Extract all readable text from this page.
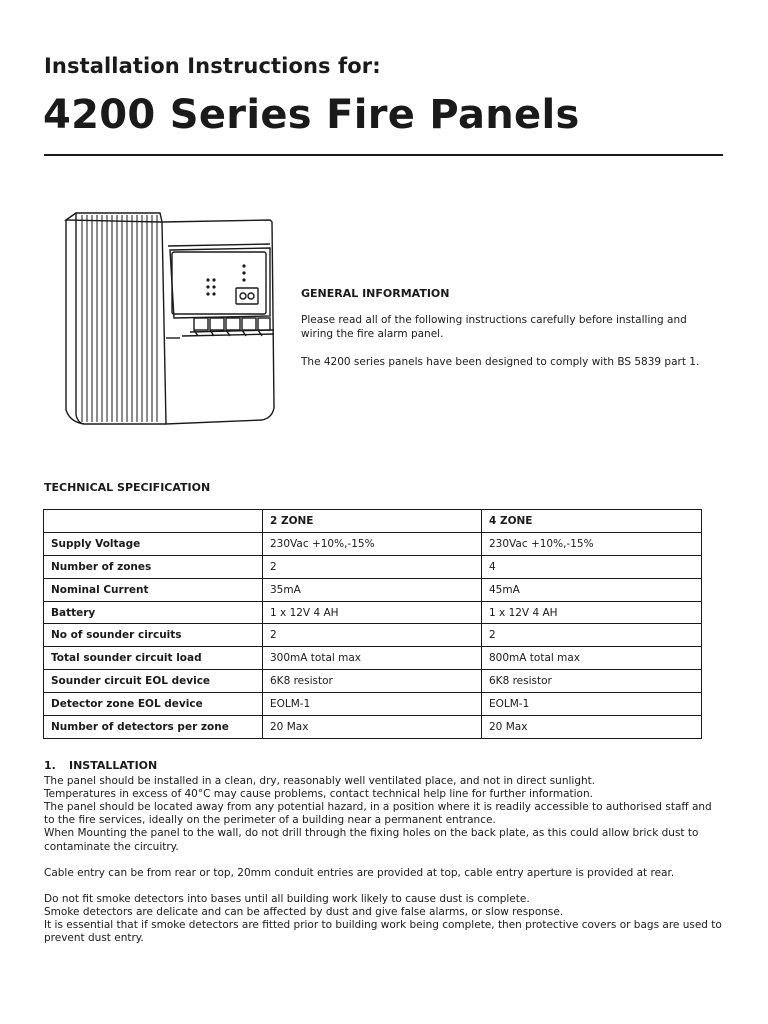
Installation Instructions for:
4200 Series Fire Panels
GENERAL INFORMATION

Please read all of the following instructions carefully before installing and wiring the fire alarm panel.

The 4200 series panels have been designed to comply with BS 5839 part 1.

TECHNICAL SPECIFICATION
	2 ZONE	4 ZONE
Supply Voltage	230Vac +10%,-15%	230Vac +10%,-15%
Number of zones	2	4
Nominal Current	35mA	45mA
Battery	1 x 12V 4 AH	1 x 12V 4 AH
No of sounder circuits	2	2
Total sounder circuit load	300mA total max	800mA total max
Sounder circuit EOL device	6K8 resistor	6K8 resistor
Detector zone EOL device	EOLM-1	EOLM-1
Number of detectors per zone	20 Max	20 Max
1. INSTALLATION

The panel should be installed in a clean, dry, reasonably well ventilated place, and not in direct sunlight.

Temperatures in excess of 40°C may cause problems, contact technical help line for further information.

The panel should be located away from any potential hazard, in a position where it is readily accessible to authorised staff and to the fire services, ideally on the perimeter of a building near a permanent entrance.

When Mounting the panel to the wall, do not drill through the fixing holes on the back plate, as this could allow brick dust to contaminate the circuitry.

Cable entry can be from rear or top, 20mm conduit entries are provided at top, cable entry aperture is provided at rear.

Do not fit smoke detectors into bases until all building work likely to cause dust is complete.

Smoke detectors are delicate and can be affected by dust and give false alarms, or slow response.

It is essential that if smoke detectors are fitted prior to building work being complete, then protective covers or bags are used to prevent dust entry.
